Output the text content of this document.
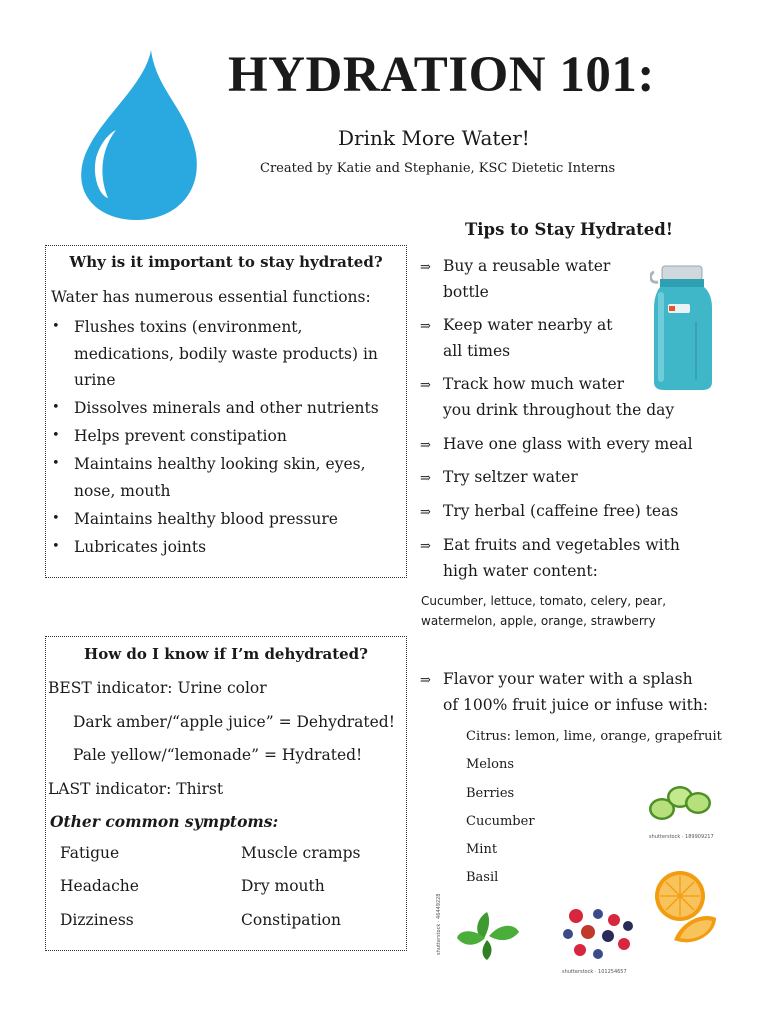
HYDRATION 101:
Drink More Water!
Created by Katie and Stephanie, KSC Dietetic Interns
Why is it important to stay hydrated?
Water has numerous essential functions:
• Flushes toxins (environment, medications, bodily waste products) in urine
• Dissolves minerals and other nutrients
• Helps prevent constipation
• Maintains healthy looking skin, eyes, nose, mouth
• Maintains healthy blood pressure
• Lubricates joints
How do I know if I’m dehydrated?
BEST indicator: Urine color
Dark amber/“apple juice” = Dehydrated!
Pale yellow/“lemonade” = Hydrated!
LAST indicator: Thirst
Other common symptoms:
Fatigue
Headache
Dizziness
Muscle cramps
Dry mouth
Constipation
Tips to Stay Hydrated!
⇒ Buy a reusable water
bottle
⇒ Keep water nearby at
all times
⇒ Track how much water
you drink throughout the day
⇒ Have one glass with every meal
⇒ Try seltzer water
⇒ Try herbal (caffeine free) teas
⇒ Eat fruits and vegetables with
high water content:
Cucumber, lettuce, tomato, celery, pear,
watermelon, apple, orange, strawberry
⇒ Flavor your water with a splash
of 100% fruit juice or infuse with:
Citrus: lemon, lime, orange, grapefruit
Melons
Berries
Cucumber
Mint
Basil
shutterstock · 189909217
shutterstock · 46449228
shutterstock · 101254657
